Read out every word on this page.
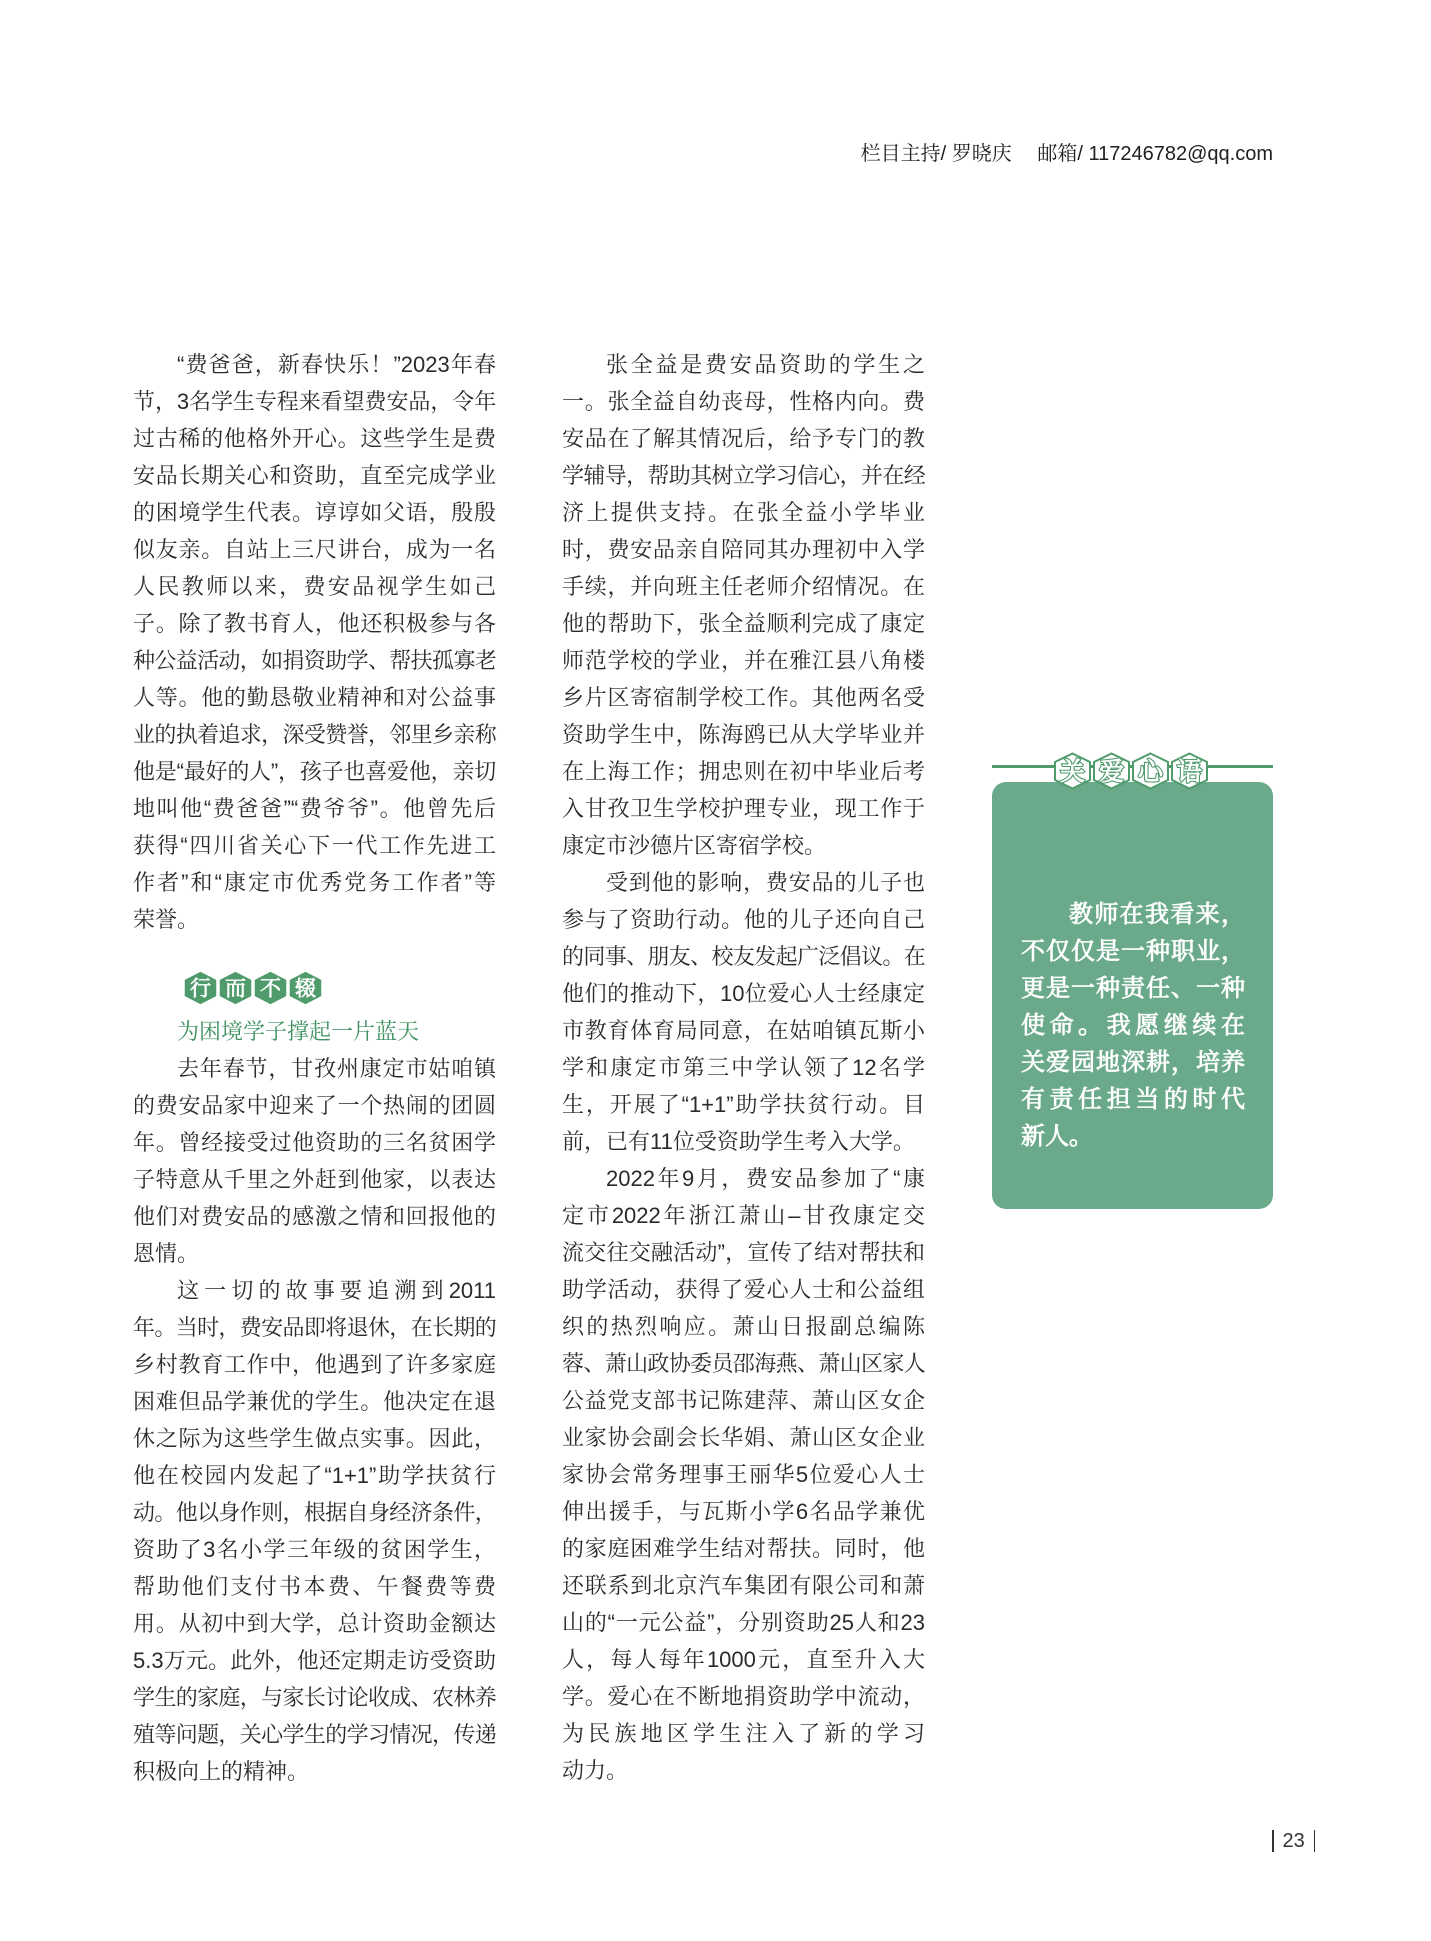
栏目主持/ 罗晓庆 邮箱/ 117246782@qq.com
“费爸爸，新春快乐！”2023年春
节，3名学生专程来看望费安品，令年
过古稀的他格外开心。这些学生是费
安品长期关心和资助，直至完成学业
的困境学生代表。谆谆如父语，殷殷
似友亲。自站上三尺讲台，成为一名
人民教师以来，费安品视学生如己
子。除了教书育人，他还积极参与各
种公益活动，如捐资助学、帮扶孤寡老
人等。他的勤恳敬业精神和对公益事
业的执着追求，深受赞誉，邻里乡亲称
他是“最好的人”，孩子也喜爱他，亲切
地叫他“费爸爸”“费爷爷”。他曾先后
获得“四川省关心下一代工作先进工
作者”和“康定市优秀党务工作者”等
荣誉。
行 而 不 辍
为困境学子撑起一片蓝天
去年春节，甘孜州康定市姑咱镇
的费安品家中迎来了一个热闹的团圆
年。曾经接受过他资助的三名贫困学
子特意从千里之外赶到他家，以表达
他们对费安品的感激之情和回报他的
恩情。
这一切的故事要追溯到2011
年。当时，费安品即将退休，在长期的
乡村教育工作中，他遇到了许多家庭
困难但品学兼优的学生。他决定在退
休之际为这些学生做点实事。因此，
他在校园内发起了“1+1”助学扶贫行
动。他以身作则，根据自身经济条件，
资助了3名小学三年级的贫困学生，
帮助他们支付书本费、午餐费等费
用。从初中到大学，总计资助金额达
5.3万元。此外，他还定期走访受资助
学生的家庭，与家长讨论收成、农林养
殖等问题，关心学生的学习情况，传递
积极向上的精神。
张全益是费安品资助的学生之
一。张全益自幼丧母，性格内向。费
安品在了解其情况后，给予专门的教
学辅导，帮助其树立学习信心，并在经
济上提供支持。在张全益小学毕业
时，费安品亲自陪同其办理初中入学
手续，并向班主任老师介绍情况。在
他的帮助下，张全益顺利完成了康定
师范学校的学业，并在雅江县八角楼
乡片区寄宿制学校工作。其他两名受
资助学生中，陈海鸥已从大学毕业并
在上海工作；拥忠则在初中毕业后考
入甘孜卫生学校护理专业，现工作于
康定市沙德片区寄宿学校。
受到他的影响，费安品的儿子也
参与了资助行动。他的儿子还向自己
的同事、朋友、校友发起广泛倡议。在
他们的推动下，10位爱心人士经康定
市教育体育局同意，在姑咱镇瓦斯小
学和康定市第三中学认领了12名学
生，开展了“1+1”助学扶贫行动。目
前，已有11位受资助学生考入大学。
2022年9月，费安品参加了“康
定市2022年浙江萧山–甘孜康定交
流交往交融活动”，宣传了结对帮扶和
助学活动，获得了爱心人士和公益组
织的热烈响应。萧山日报副总编陈
蓉、萧山政协委员邵海燕、萧山区家人
公益党支部书记陈建萍、萧山区女企
业家协会副会长华娟、萧山区女企业
家协会常务理事王丽华5位爱心人士
伸出援手，与瓦斯小学6名品学兼优
的家庭困难学生结对帮扶。同时，他
还联系到北京汽车集团有限公司和萧
山的“一元公益”，分别资助25人和23
人，每人每年1000元，直至升入大
学。爱心在不断地捐资助学中流动，
为民族地区学生注入了新的学习
动力。
关 爱 心 语
教师在我看来，
不仅仅是一种职业，
更是一种责任、一种
使命。我愿继续在
关爱园地深耕，培养
有责任担当的时代
新人。
23
